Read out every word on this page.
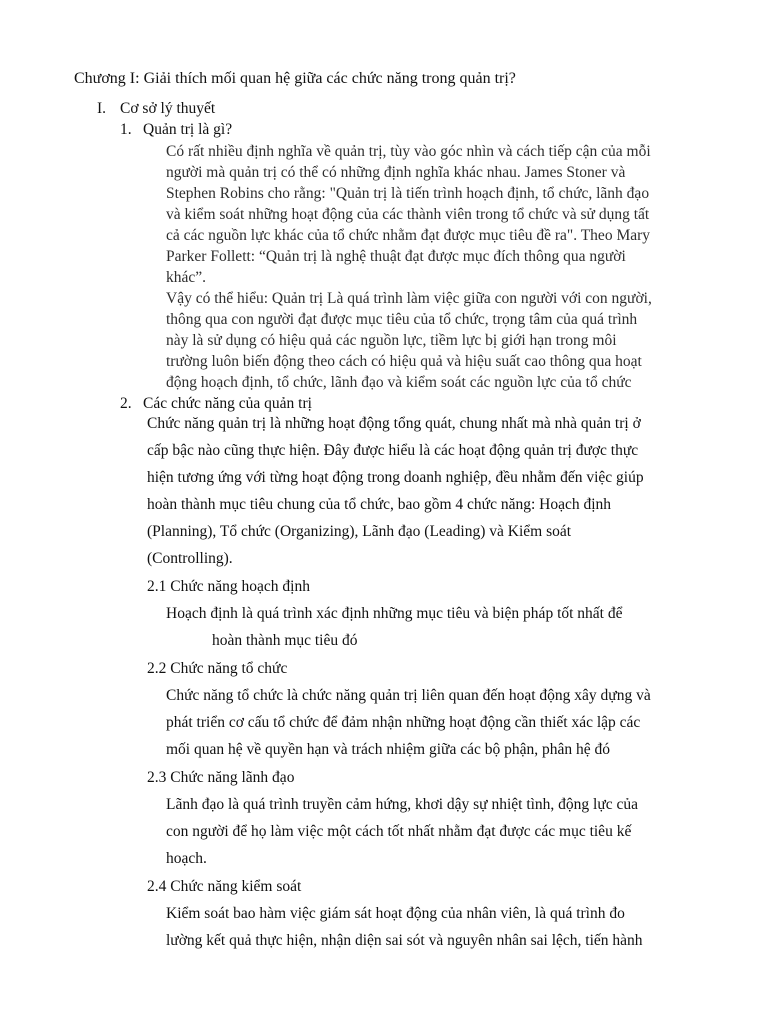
Chương I: Giải thích mối quan hệ giữa các chức năng trong quản trị?
I. Cơ sở lý thuyết
1. Quản trị là gì?
Có rất nhiều định nghĩa về quản trị, tùy vào góc nhìn và cách tiếp cận của mỗi
người mà quản trị có thể có những định nghĩa khác nhau. James Stoner và
Stephen Robins cho rằng: "Quản trị là tiến trình hoạch định, tổ chức, lãnh đạo
và kiểm soát những hoạt động của các thành viên trong tổ chức và sử dụng tất
cả các nguồn lực khác của tổ chức nhằm đạt được mục tiêu đề ra". Theo Mary
Parker Follett: “Quản trị là nghệ thuật đạt được mục đích thông qua người
khác”.
Vậy có thể hiểu: Quản trị Là quá trình làm việc giữa con người với con người,
thông qua con người đạt được mục tiêu của tổ chức, trọng tâm của quá trình
này là sử dụng có hiệu quả các nguồn lực, tiềm lực bị giới hạn trong môi
trường luôn biến động theo cách có hiệu quả và hiệu suất cao thông qua hoạt
động hoạch định, tổ chức, lãnh đạo và kiểm soát các nguồn lực của tổ chức
2. Các chức năng của quản trị
Chức năng quản trị là những hoạt động tổng quát, chung nhất mà nhà quản trị ở
cấp bậc nào cũng thực hiện. Đây được hiểu là các hoạt động quản trị được thực
hiện tương ứng với từng hoạt động trong doanh nghiệp, đều nhằm đến việc giúp
hoàn thành mục tiêu chung của tổ chức, bao gồm 4 chức năng: Hoạch định
(Planning), Tổ chức (Organizing), Lãnh đạo (Leading) và Kiểm soát
(Controlling).
2.1 Chức năng hoạch định
Hoạch định là quá trình xác định những mục tiêu và biện pháp tốt nhất để
hoàn thành mục tiêu đó
2.2 Chức năng tổ chức
Chức năng tổ chức là chức năng quản trị liên quan đến hoạt động xây dựng và
phát triển cơ cấu tổ chức để đảm nhận những hoạt động cần thiết xác lập các
mối quan hệ về quyền hạn và trách nhiệm giữa các bộ phận, phân hệ đó
2.3 Chức năng lãnh đạo
Lãnh đạo là quá trình truyền cảm hứng, khơi dậy sự nhiệt tình, động lực của
con người để họ làm việc một cách tốt nhất nhằm đạt được các mục tiêu kế
hoạch.
2.4 Chức năng kiểm soát
Kiểm soát bao hàm việc giám sát hoạt động của nhân viên, là quá trình đo
lường kết quả thực hiện, nhận diện sai sót và nguyên nhân sai lệch, tiến hành
